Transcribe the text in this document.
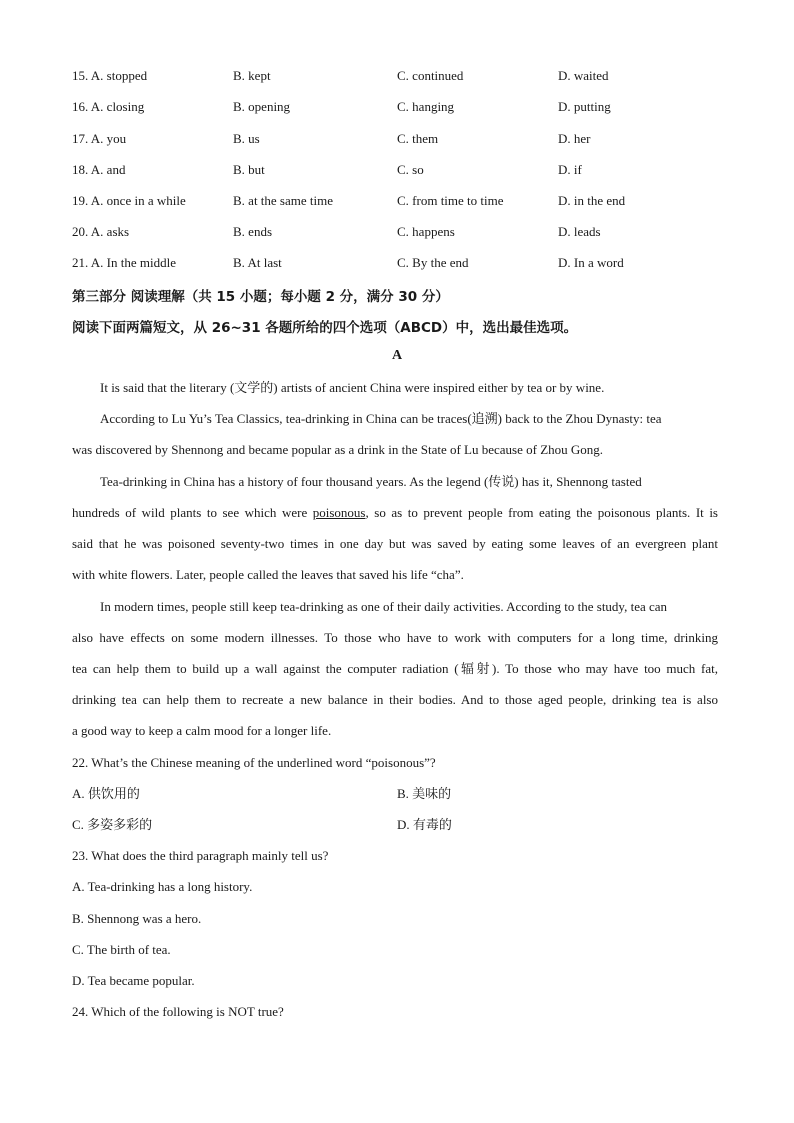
15. A. stopped	B. kept	C. continued	D. waited
16. A. closing	B. opening	C. hanging	D. putting
17. A. you	B. us	C. them	D. her
18. A. and	B. but	C. so	D. if
19. A. once in a while	B. at the same time	C. from time to time	D. in the end
20. A. asks	B. ends	C. happens	D. leads
21. A. In the middle	B. At last	C. By the end	D. In a word
第三部分 阅读理解（共 15 小题；每小题 2 分，满分 30 分）
阅读下面两篇短文，从 26~31 各题所给的四个选项（ABCD）中，选出最佳选项。
A
It is said that the literary (文学的) artists of ancient China were inspired either by tea or by wine.
According to Lu Yu’s Tea Classics, tea-drinking in China can be traces(追溯) back to the Zhou Dynasty: tea
was discovered by Shennong and became popular as a drink in the State of Lu because of Zhou Gong.
Tea-drinking in China has a history of four thousand years. As the legend (传说) has it, Shennong tasted
hundreds of wild plants to see which were poisonous, so as to prevent people from eating the poisonous plants. It is
said that he was poisoned seventy-two times in one day but was saved by eating some leaves of an evergreen plant
with white flowers. Later, people called the leaves that saved his life “cha”.
In modern times, people still keep tea-drinking as one of their daily activities. According to the study, tea can
also have effects on some modern illnesses. To those who have to work with computers for a long time, drinking
tea can help them to build up a wall against the computer radiation (辐射). To those who may have too much fat,
drinking tea can help them to recreate a new balance in their bodies. And to those aged people, drinking tea is also
a good way to keep a calm mood for a longer life.
22. What’s the Chinese meaning of the underlined word “poisonous”?
A. 供饮用的	B. 美味的
C. 多姿多彩的	D. 有毒的
23. What does the third paragraph mainly tell us?
A. Tea-drinking has a long history.
B. Shennong was a hero.
C. The birth of tea.
D. Tea became popular.
24. Which of the following is NOT true?
